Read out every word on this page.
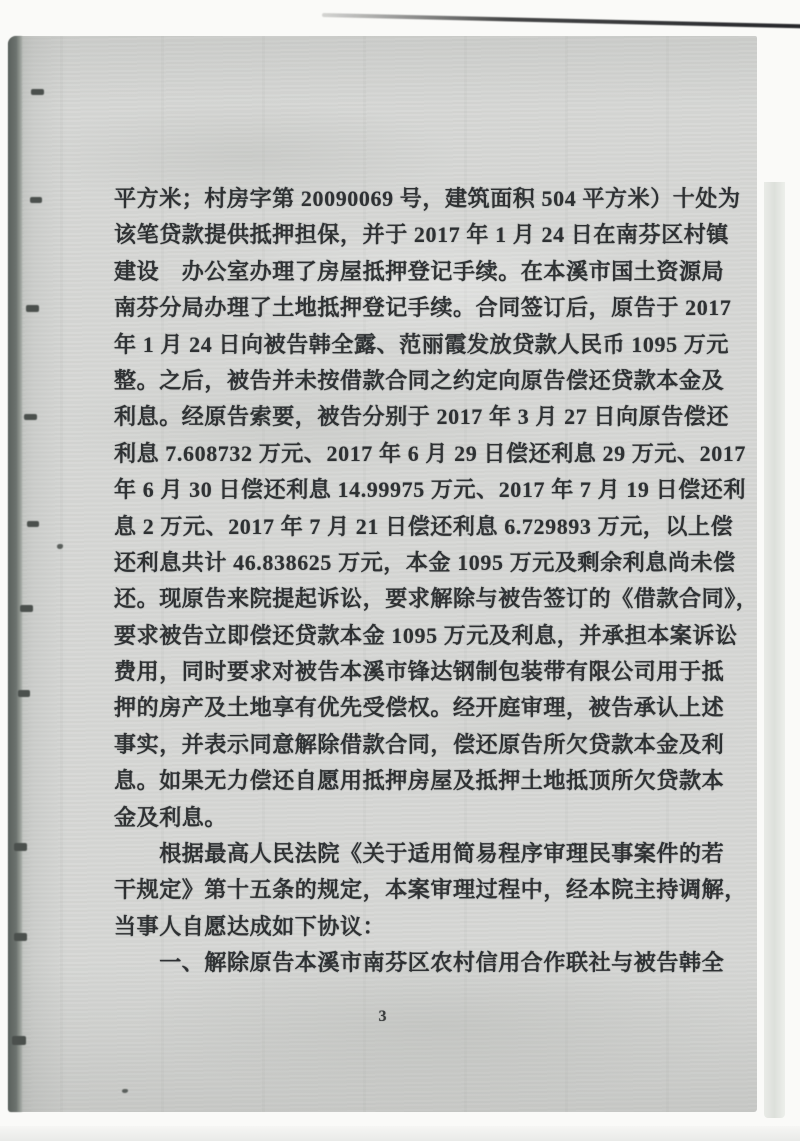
平方米；村房字第 20090069 号，建筑面积 504 平方米）十处为
该笔贷款提供抵押担保，并于 2017 年 1 月 24 日在南芬区村镇
建设　办公室办理了房屋抵押登记手续。在本溪市国土资源局
南芬分局办理了土地抵押登记手续。合同签订后，原告于 2017
年 1 月 24 日向被告韩全露、范丽霞发放贷款人民币 1095 万元
整。之后，被告并未按借款合同之约定向原告偿还贷款本金及
利息。经原告索要，被告分别于 2017 年 3 月 27 日向原告偿还
利息 7.608732 万元、2017 年 6 月 29 日偿还利息 29 万元、2017
年 6 月 30 日偿还利息 14.99975 万元、2017 年 7 月 19 日偿还利
息 2 万元、2017 年 7 月 21 日偿还利息 6.729893 万元，以上偿
还利息共计 46.838625 万元，本金 1095 万元及剩余利息尚未偿
还。现原告来院提起诉讼，要求解除与被告签订的《借款合同》，
要求被告立即偿还贷款本金 1095 万元及利息，并承担本案诉讼
费用，同时要求对被告本溪市锋达钢制包装带有限公司用于抵
押的房产及土地享有优先受偿权。经开庭审理，被告承认上述
事实，并表示同意解除借款合同，偿还原告所欠贷款本金及利
息。如果无力偿还自愿用抵押房屋及抵押土地抵顶所欠贷款本
金及利息。
　　根据最高人民法院《关于适用简易程序审理民事案件的若
干规定》第十五条的规定，本案审理过程中，经本院主持调解，
当事人自愿达成如下协议：
　　一、解除原告本溪市南芬区农村信用合作联社与被告韩全
3
